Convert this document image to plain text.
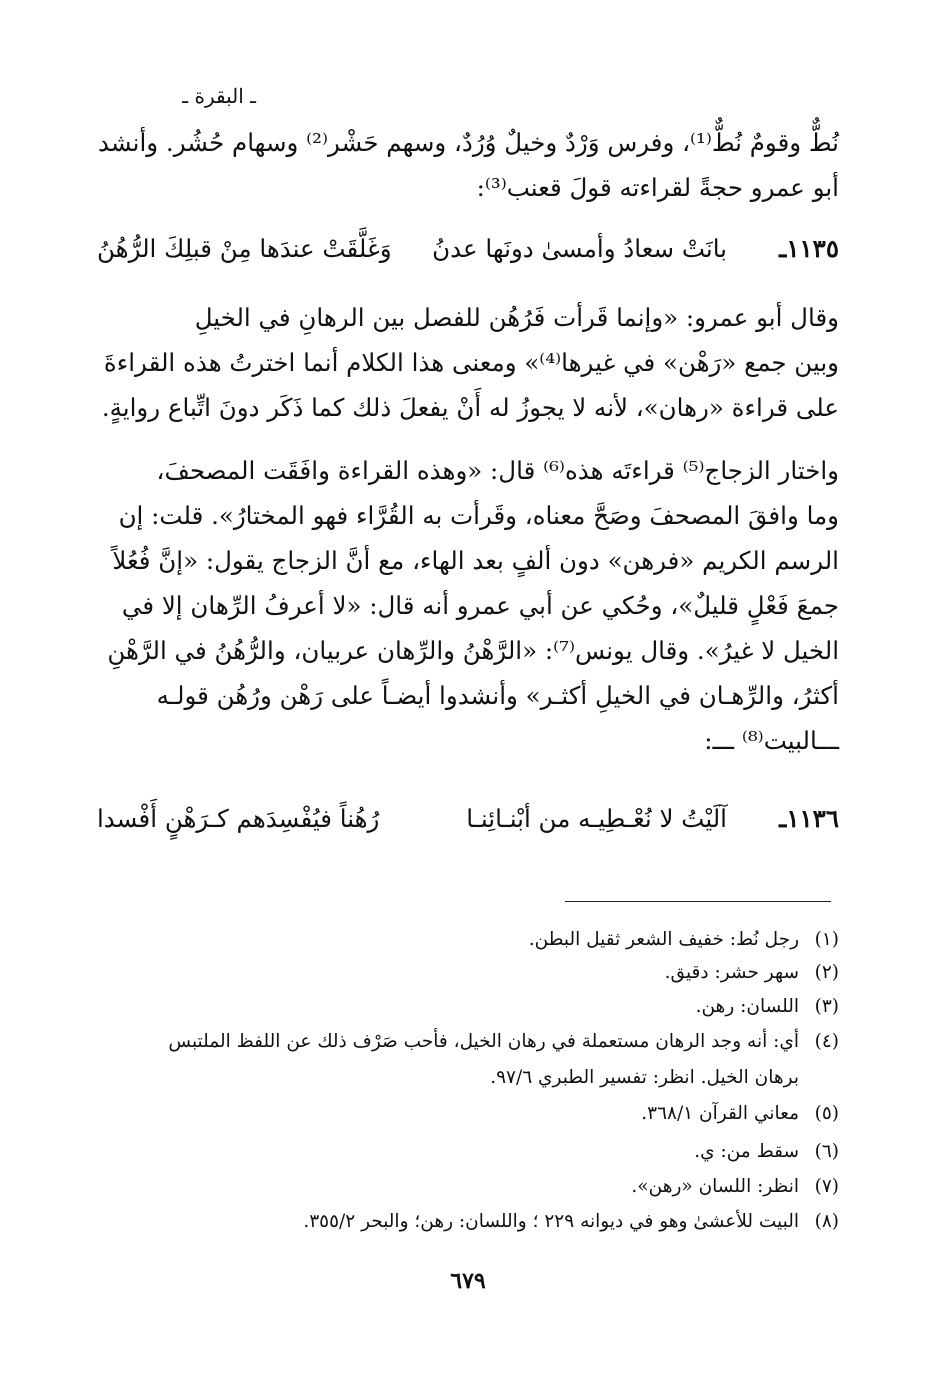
ـ البقرة ـ
نُطٌّ وقومٌ نُطٌّ⁽¹⁾، وفرس وَرْدٌ وخيلٌ وُرُدٌ، وسهم حَشْر⁽²⁾ وسهام حُشُر. وأنشد
أبو عمرو حجةً لقراءته قولَ قعنب⁽³⁾:
١١٣٥ـ
بانَتْ سعادُ وأمسىٰ دونَها عدنُ
وَغَلَّقَتْ عندَها مِنْ قبلِكَ الرُّهُنُ
وقال أبو عمرو: «وإنما قَرأت فَرُهُن للفصل بين الرهانِ في الخيلِ
وبين جمع «رَهْن» في غيرها⁽⁴⁾» ومعنى هذا الكلام أنما اخترتُ هذه القراءةَ
على قراءة «رهان»، لأنه لا يجوزُ له أَنْ يفعلَ ذلك كما ذَكَر دونَ اتِّباع روايةٍ.
واختار الزجاج⁽⁵⁾ قراءتَه هذه⁽⁶⁾ قال: «وهذه القراءة وافَقَت المصحفَ،
وما وافقَ المصحفَ وصَحَّ معناه، وقَرأت به القُرَّاء فهو المختارُ». قلت: إن
الرسم الكريم «فرهن» دون ألفٍ بعد الهاء، مع أنَّ الزجاج يقول: «إنَّ فُعُلاً
جمعَ فَعْلٍ قليلٌ»، وحُكي عن أبي عمرو أنه قال: «لا أعرفُ الرِّهان إلا في
الخيل لا غيرُ». وقال يونس⁽⁷⁾: «الرَّهْنُ والرِّهان عربيان، والرُّهُنُ في الرَّهْنِ
أكثرُ، والرِّهـان في الخيلِ أكثـر» وأنشدوا أيضـاً على رَهْن ورُهُن قولـه
ـــالبيت⁽⁸⁾ ـــ:
١١٣٦ـ
آلَيْتُ لا نُعْـطِيـه من أبْنـائِنـا
رُهُناً فيُفْسِدَهم كـرَهْنٍ أَفْسدا
(١)رجل نُط: خفيف الشعر ثقيل البطن.
(٢)سهر حشر: دقيق.
(٣)اللسان: رهن.
(٤)أي: أنه وجد الرهان مستعملة في رهان الخيل، فأحب صَرْف ذلك عن اللفظ الملتبس
برهان الخيل. انظر: تفسير الطبري ٩٧/٦.
(٥)معاني القرآن ٣٦٨/١.
(٦)سقط من: ي.
(٧)انظر: اللسان «رهن».
(٨)البيت للأعشىٰ وهو في ديوانه ٢٢٩ ؛ واللسان: رهن؛ والبحر ٣٥٥/٢.
٦٧٩
